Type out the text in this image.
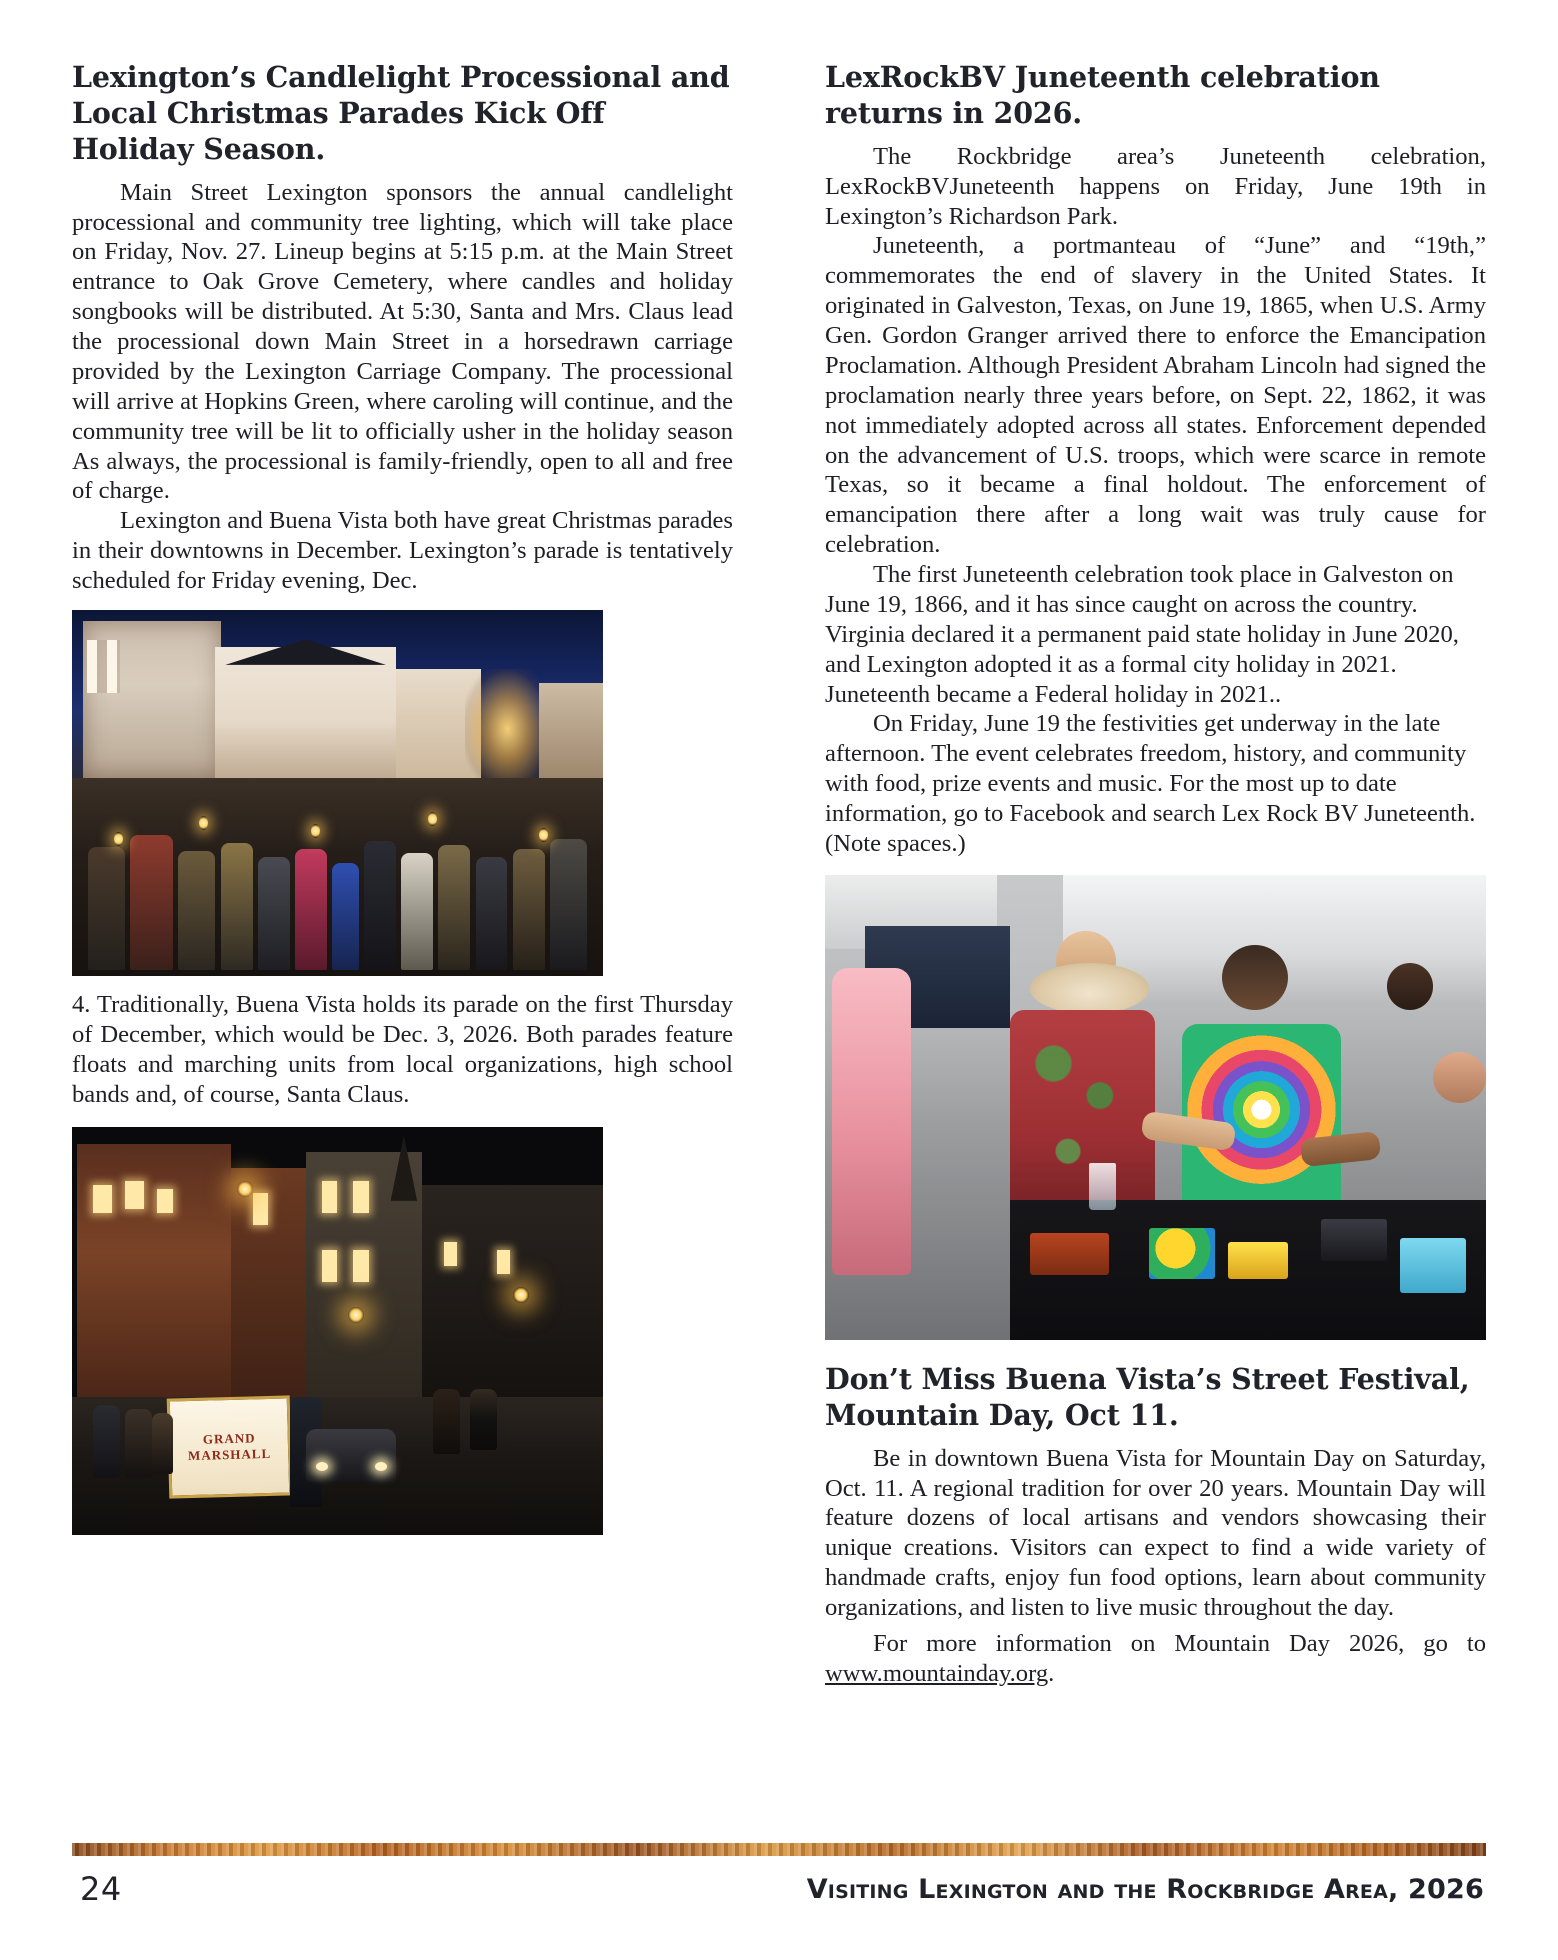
Lexington’s Candlelight Processional and Local Christmas Parades Kick Off Holiday Season.

Main Street Lexington sponsors the annual candlelight processional and community tree lighting, which will take place on Friday, Nov. 27. Lineup begins at 5:15 p.m. at the Main Street entrance to Oak Grove Cemetery, where candles and holiday songbooks will be distributed. At 5:30, Santa and Mrs. Claus lead the processional down Main Street in a horsedrawn carriage provided by the Lexington Carriage Company. The processional will arrive at Hopkins Green, where caroling will continue, and the community tree will be lit to officially usher in the holiday season As always, the processional is family-friendly, open to all and free of charge.

Lexington and Buena Vista both have great Christmas parades in their downtowns in December. Lexington’s parade is tentatively scheduled for Friday evening, Dec.

4. Traditionally, Buena Vista holds its parade on the first Thursday of December, which would be Dec. 3, 2026. Both parades feature floats and marching units from local organizations, high school bands and, of course, Santa Claus.

GRAND
MARSHALL
LexRockBV Juneteenth celebration returns in 2026.

The Rockbridge area’s Juneteenth celebration, LexRockBVJuneteenth happens on Friday, June 19th in Lexington’s Richardson Park.

Juneteenth, a portmanteau of “June” and “19th,” commemorates the end of slavery in the United States. It originated in Galveston, Texas, on June 19, 1865, when U.S. Army Gen. Gordon Granger arrived there to enforce the Emancipation Proclamation. Although President Abraham Lincoln had signed the proclamation nearly three years before, on Sept. 22, 1862, it was not immediately adopted across all states. Enforcement depended on the advancement of U.S. troops, which were scarce in remote Texas, so it became a final holdout. The enforcement of emancipation there after a long wait was truly cause for celebration.

The first Juneteenth celebration took place in Galveston on June 19, 1866, and it has since caught on across the country. Virginia declared it a permanent paid state holiday in June 2020, and Lexington adopted it as a formal city holiday in 2021. Juneteenth became a Federal holiday in 2021..

On Friday, June 19 the festivities get underway in the late afternoon. The event celebrates freedom, history, and community with food, prize events and music. For the most up to date information, go to Facebook and search Lex Rock BV Juneteenth. (Note spaces.)

Don’t Miss Buena Vista’s Street Festival, Mountain Day, Oct 11.

Be in downtown Buena Vista for Mountain Day on Saturday, Oct. 11. A regional tradition for over 20 years. Mountain Day will feature dozens of local artisans and vendors showcasing their unique creations. Visitors can expect to find a wide variety of handmade crafts, enjoy fun food options, learn about community organizations, and listen to live music throughout the day.

For more information on Mountain Day 2026, go to www.mountainday.org.

24	Visiting Lexington and the Rockbridge Area, 2026
